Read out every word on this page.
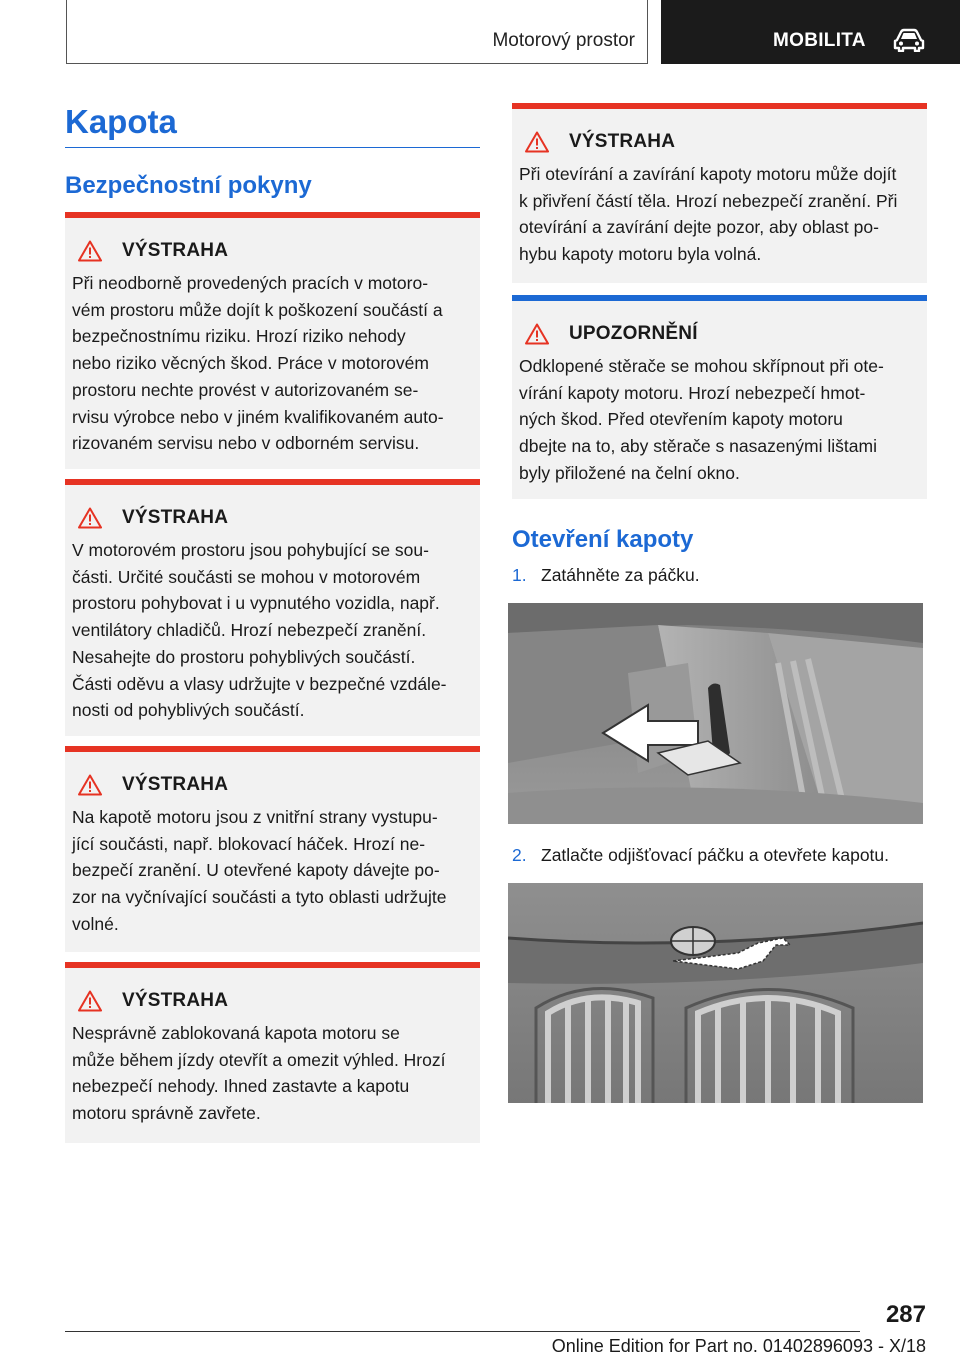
Motorový prostor	MOBILITA
Kapota
Bezpečnostní pokyny
VÝSTRAHA
Při neodborně provedených pracích v motoro‐
vém prostoru může dojít k poškození součástí a
bezpečnostnímu riziku. Hrozí riziko nehody
nebo riziko věcných škod. Práce v motorovém
prostoru nechte provést v autorizovaném se‐
rvisu výrobce nebo v jiném kvalifikovaném auto‐
rizovaném servisu nebo v odborném servisu.
VÝSTRAHA
V motorovém prostoru jsou pohybující se sou‐
části. Určité součásti se mohou v motorovém
prostoru pohybovat i u vypnutého vozidla, např.
ventilátory chladičů. Hrozí nebezpečí zranění.
Nesahejte do prostoru pohyblivých součástí.
Části oděvu a vlasy udržujte v bezpečné vzdále‐
nosti od pohyblivých součástí.
VÝSTRAHA
Na kapotě motoru jsou z vnitřní strany vystupu‐
jící součásti, např. blokovací háček. Hrozí ne‐
bezpečí zranění. U otevřené kapoty dávejte po‐
zor na vyčnívající součásti a tyto oblasti udržujte
volné.
VÝSTRAHA
Nesprávně zablokovaná kapota motoru se
může během jízdy otevřít a omezit výhled. Hrozí
nebezpečí nehody. Ihned zastavte a kapotu
motoru správně zavřete.
VÝSTRAHA
Při otevírání a zavírání kapoty motoru může dojít
k přivření částí těla. Hrozí nebezpečí zranění. Při
otevírání a zavírání dejte pozor, aby oblast po‐
hybu kapoty motoru byla volná.
UPOZORNĚNÍ
Odklopené stěrače se mohou skřípnout při ote‐
vírání kapoty motoru. Hrozí nebezpečí hmot‐
ných škod. Před otevřením kapoty motoru
dbejte na to, aby stěrače s nasazenými lištami
byly přiložené na čelní okno.
Otevření kapoty
1. Zatáhněte za páčku.
2. Zatlačte odjišťovací páčku a otevřete kapotu.
287
Online Edition for Part no. 01402896093 - X/18
